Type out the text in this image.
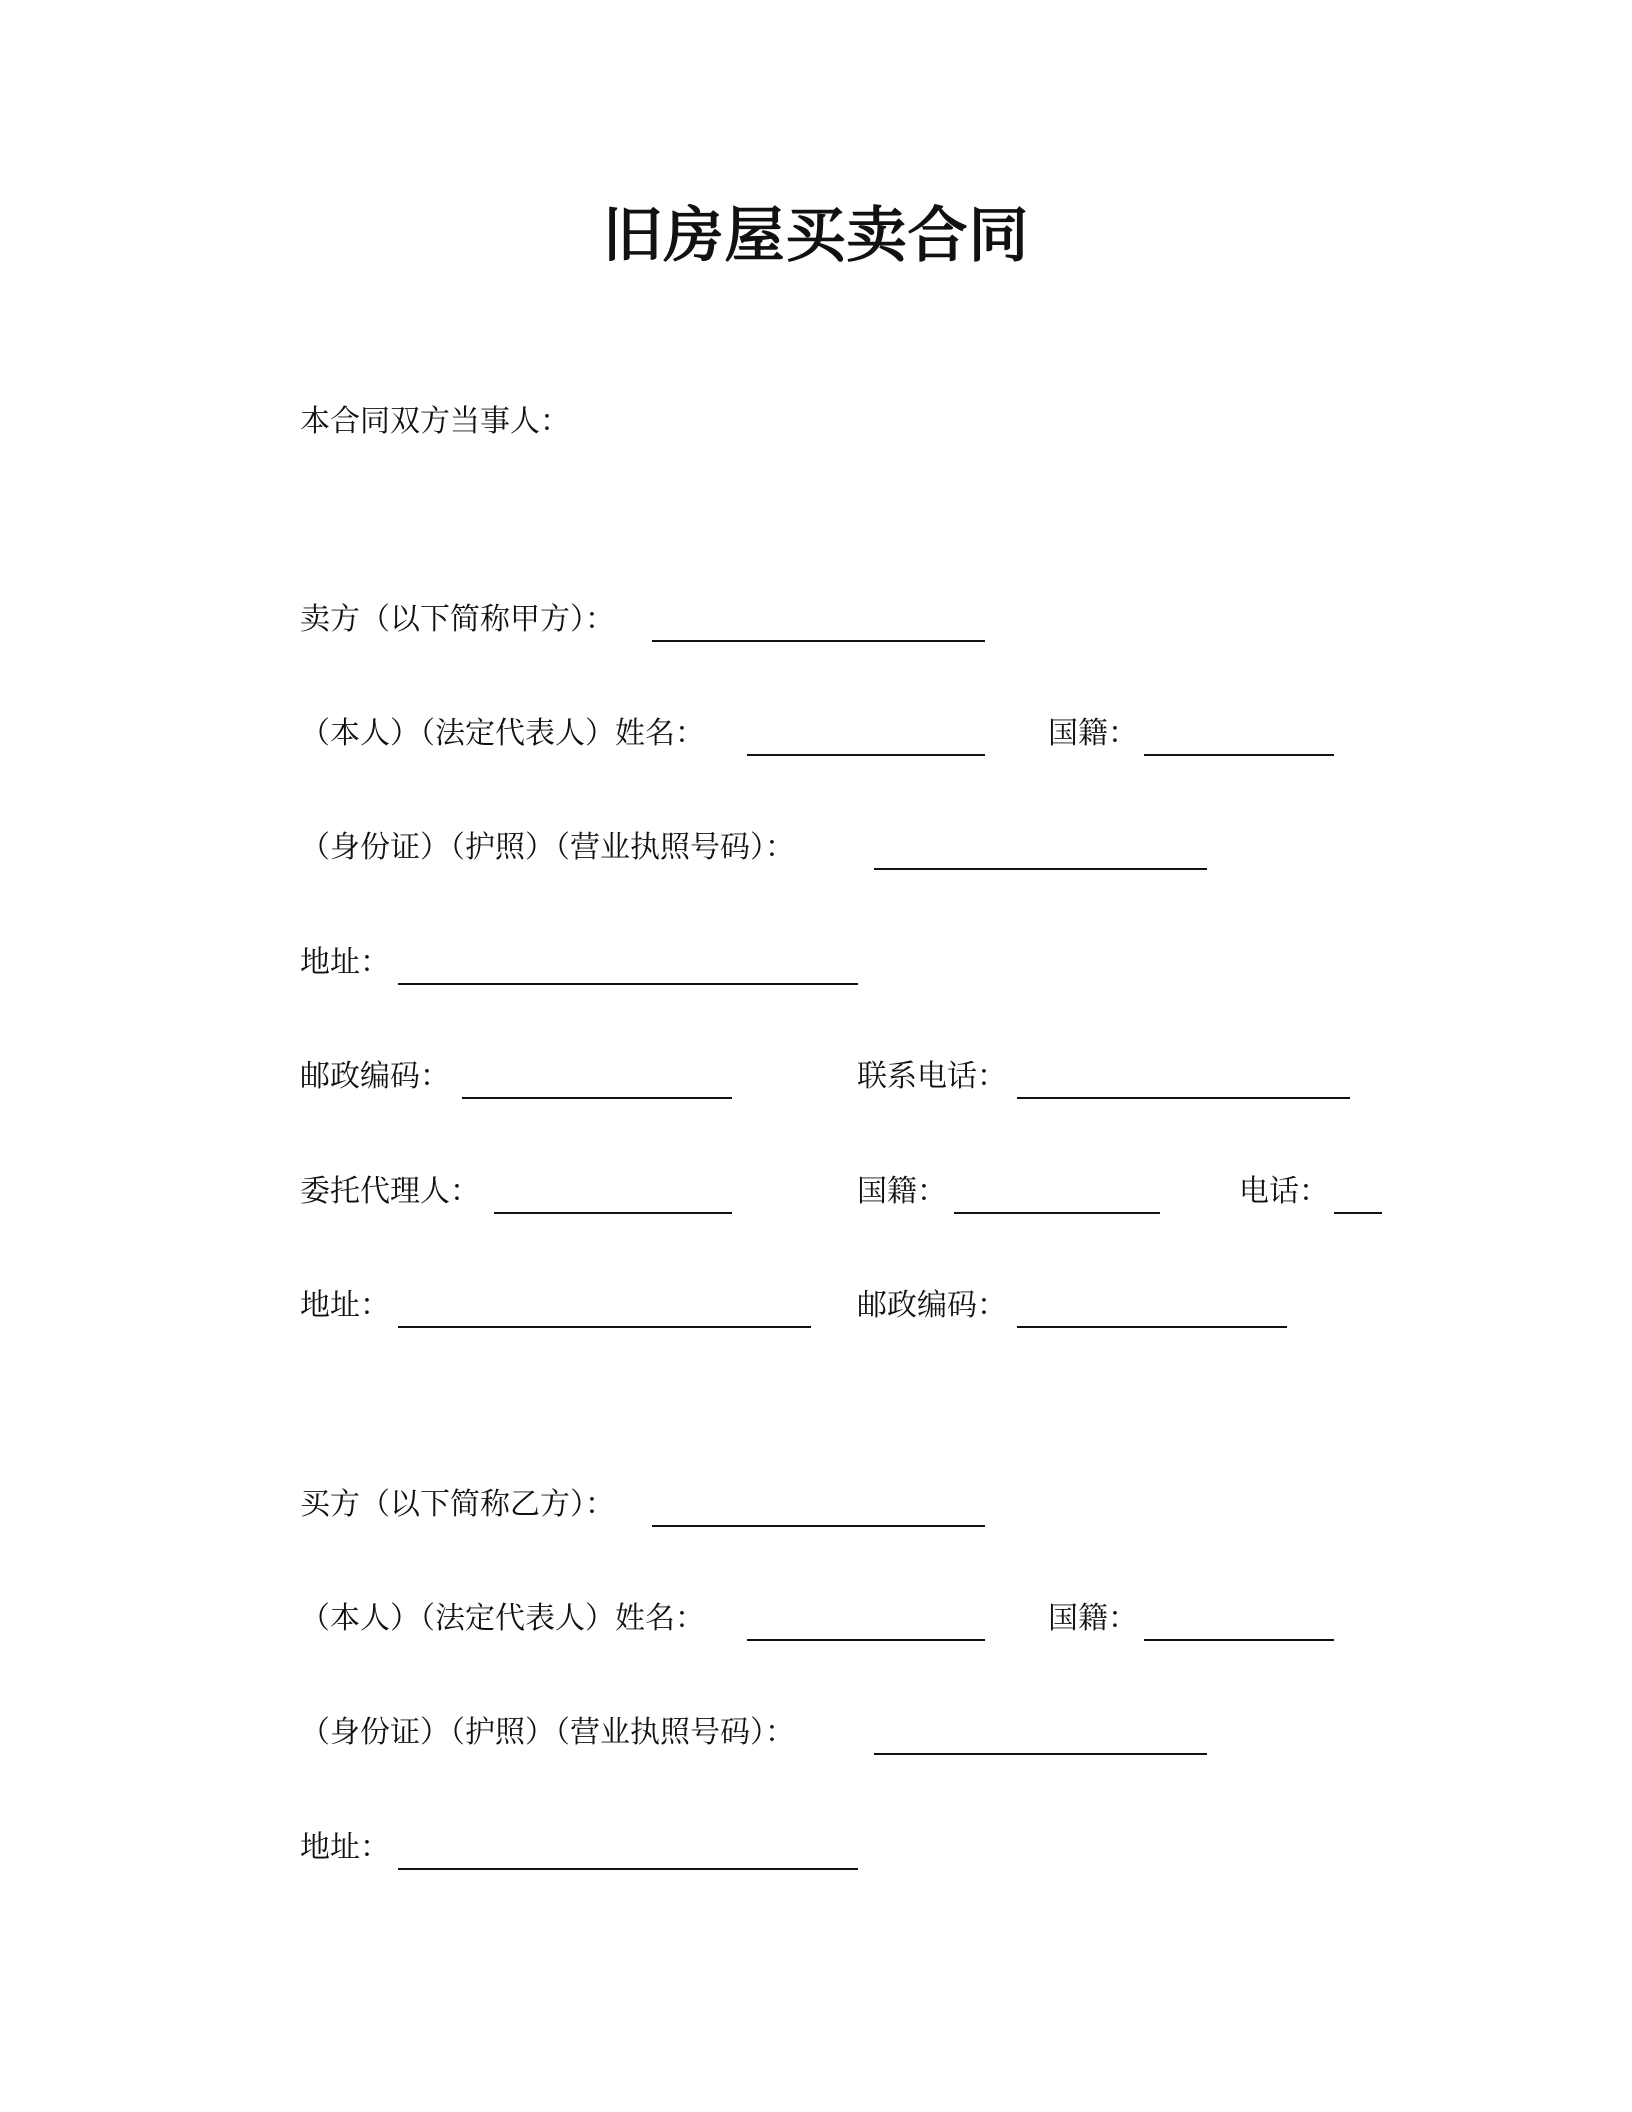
旧房屋买卖合同
本合同双方当事人：
卖方（以下简称甲方）：
（本人）（法定代表人）姓名：	国籍：
（身份证）（护照）（营业执照号码）：
地址：
邮政编码：	联系电话：
委托代理人：	国籍：	电话：
地址：	邮政编码：
买方（以下简称乙方）：
（本人）（法定代表人）姓名：	国籍：
（身份证）（护照）（营业执照号码）：
地址：
